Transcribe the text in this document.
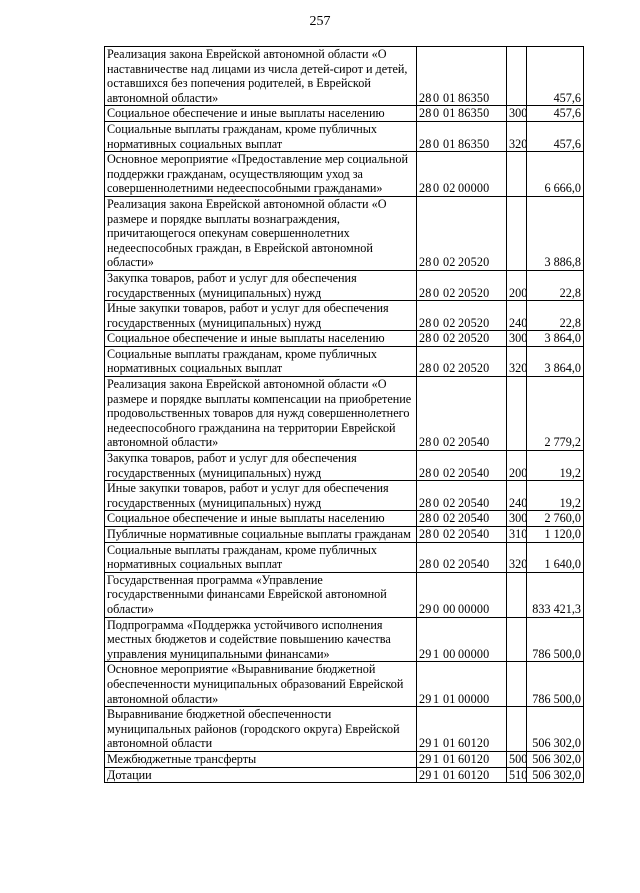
257
Реализация закона Еврейской автономной области «О наставничестве над лицами из числа детей-сирот и детей, оставшихся без попечения родителей, в Еврейской автономной области»	280 01 86350		457,6
Социальное обеспечение и иные выплаты населению	280 01 86350	300	457,6
Социальные выплаты гражданам, кроме публичных нормативных социальных выплат	280 01 86350	320	457,6
Основное мероприятие «Предоставление мер социальной поддержки гражданам, осуществляющим уход за совершеннолетними недееспособными гражданами»	280 02 00000		6 666,0
Реализация закона Еврейской автономной области «О размере и порядке выплаты вознаграждения, причитающегося опекунам совершеннолетних недееспособных граждан, в Еврейской автономной области»	280 02 20520		3 886,8
Закупка товаров, работ и услуг для обеспечения государственных (муниципальных) нужд	280 02 20520	200	22,8
Иные закупки товаров, работ и услуг для обеспечения государственных (муниципальных) нужд	280 02 20520	240	22,8
Социальное обеспечение и иные выплаты населению	280 02 20520	300	3 864,0
Социальные выплаты гражданам, кроме публичных нормативных социальных выплат	280 02 20520	320	3 864,0
Реализация закона Еврейской автономной области «О размере и порядке выплаты компенсации на приобретение продовольственных товаров для нужд совершеннолетнего недееспособного гражданина на территории Еврейской автономной области»	280 02 20540		2 779,2
Закупка товаров, работ и услуг для обеспечения государственных (муниципальных) нужд	280 02 20540	200	19,2
Иные закупки товаров, работ и услуг для обеспечения государственных (муниципальных) нужд	280 02 20540	240	19,2
Социальное обеспечение и иные выплаты населению	280 02 20540	300	2 760,0
Публичные нормативные социальные выплаты гражданам	280 02 20540	310	1 120,0
Социальные выплаты гражданам, кроме публичных нормативных социальных выплат	280 02 20540	320	1 640,0
Государственная программа «Управление государственными финансами Еврейской автономной области»	290 00 00000		833 421,3
Подпрограмма «Поддержка устойчивого исполнения местных бюджетов и содействие повышению качества управления муниципальными финансами»	291 00 00000		786 500,0
Основное мероприятие «Выравнивание бюджетной обеспеченности муниципальных образований Еврейской автономной области»	291 01 00000		786 500,0
Выравнивание бюджетной обеспеченности муниципальных районов (городского округа) Еврейской автономной области	291 01 60120		506 302,0
Межбюджетные трансферты	291 01 60120	500	506 302,0
Дотации	291 01 60120	510	506 302,0
